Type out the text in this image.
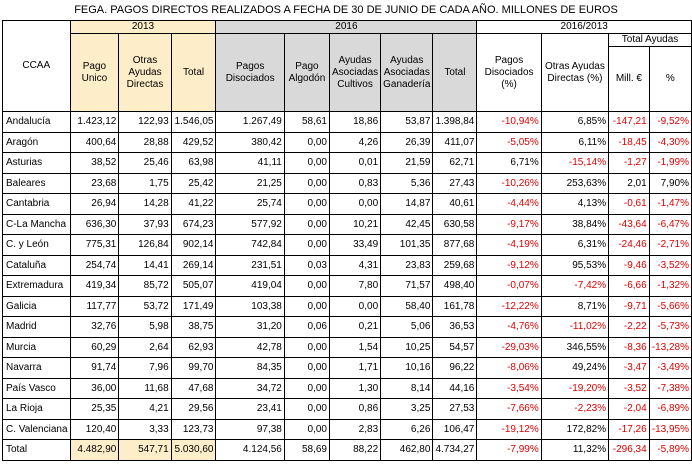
FEGA. PAGOS DIRECTOS REALIZADOS A FECHA DE 30 DE JUNIO DE CADA AÑO. MILLONES DE EUROS
CCAA	2013			2016					2016/2013			
	Pago Unico	Otras Ayudas Directas	Total	Pagos Disociados	Pago Algodón	Ayudas Asociadas Cultivos	Ayudas Asociadas Ganadería	Total	Pagos Disociados (%)	Otras Ayudas Directas (%)	Total Ayudas	
											Mill. €	%
Andalucía	1.423,12	122,93	1.546,05	1.267,49	58,61	18,86	53,87	1.398,84	-10,94%	6,85%	-147,21	-9,52%
Aragón	400,64	28,88	429,52	380,42	0,00	4,26	26,39	411,07	-5,05%	6,11%	-18,45	-4,30%
Asturias	38,52	25,46	63,98	41,11	0,00	0,01	21,59	62,71	6,71%	-15,14%	-1,27	-1,99%
Baleares	23,68	1,75	25,42	21,25	0,00	0,83	5,36	27,43	-10,26%	253,63%	2,01	7,90%
Cantabria	26,94	14,28	41,22	25,74	0,00	0,00	14,87	40,61	-4,44%	4,13%	-0,61	-1,47%
C-La Mancha	636,30	37,93	674,23	577,92	0,00	10,21	42,45	630,58	-9,17%	38,84%	-43,64	-6,47%
C. y León	775,31	126,84	902,14	742,84	0,00	33,49	101,35	877,68	-4,19%	6,31%	-24,46	-2,71%
Cataluña	254,74	14,41	269,14	231,51	0,03	4,31	23,83	259,68	-9,12%	95,53%	-9,46	-3,52%
Extremadura	419,34	85,72	505,07	419,04	0,00	7,80	71,57	498,40	-0,07%	-7,42%	-6,66	-1,32%
Galicia	117,77	53,72	171,49	103,38	0,00	0,00	58,40	161,78	-12,22%	8,71%	-9,71	-5,66%
Madrid	32,76	5,98	38,75	31,20	0,06	0,21	5,06	36,53	-4,76%	-11,02%	-2,22	-5,73%
Murcia	60,29	2,64	62,93	42,78	0,00	1,54	10,25	54,57	-29,03%	346,55%	-8,36	-13,28%
Navarra	91,74	7,96	99,70	84,35	0,00	1,71	10,16	96,22	-8,06%	49,24%	-3,47	-3,49%
País Vasco	36,00	11,68	47,68	34,72	0,00	1,30	8,14	44,16	-3,54%	-19,20%	-3,52	-7,38%
La Rioja	25,35	4,21	29,56	23,41	0,00	0,86	3,25	27,53	-7,66%	-2,23%	-2,04	-6,89%
C. Valenciana	120,40	3,33	123,73	97,38	0,00	2,83	6,26	106,47	-19,12%	172,82%	-17,26	-13,95%
Total	4.482,90	547,71	5.030,60	4.124,56	58,69	88,22	462,80	4.734,27	-7,99%	11,32%	-296,34	-5,89%
